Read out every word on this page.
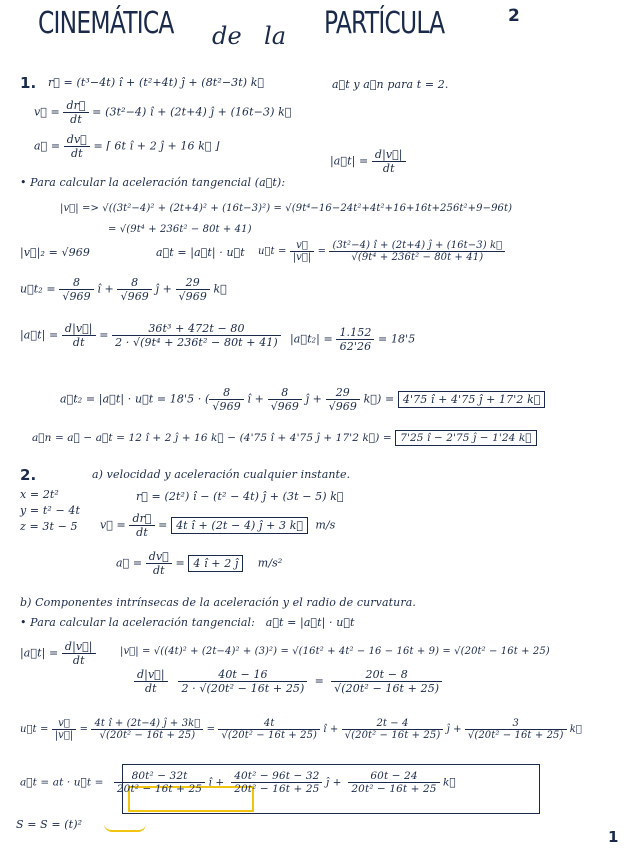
CINEMÁTICA de la PARTÍCULA	2
1. r⃗ = (t³−4t) î + (t²+4t) ĵ + (8t²−3t) k⃗	a⃗t y a⃗n para t = 2.
v⃗ = $\frac{dr⃗}{dt} = (3t^2-4)$ î + (2t+4) ĵ + (16t−3) k⃗
a⃗ = $\frac{dv⃗}{dt}$ = ⌈ 6t î + 2 ĵ + 16 k⃗ ⌋
|a⃗t| = $\frac{d|v⃗|}{dt}$
• Para calcular la aceleración tangencial (a⃗t):
|v⃗| => √((3t²−4)² + (2t+4)² + (16t−3)²) = √(9t⁴−16−24t²+4t²+16+16t+256t²+9−96t)
= √(9t⁴ + 236t² − 80t + 41)
|v⃗|₂ = √969	a⃗t = |a⃗t| · u⃗t u⃗t = $\frac{v⃗}{|v⃗|} = \frac{\text{(3t²−4) î + (2t+4) ĵ + (16t−3) k⃗}}{\text{√(9t⁴ + 236t² − 80t + 41)}}$
u⃗t₂ = $\frac{8}{√969}$ î + $\frac{8}{√969}$ ĵ + $\frac{29}{√969}$ k⃗
|a⃗t| = $\frac{d|v⃗|}{dt} = \frac{\text{36t³ + 472t − 80}}{\text{2 · √(9t⁴ + 236t² − 80t + 41)}}$ |a⃗t₂| = $\frac{1.152}{62'26} = 18'5$
a⃗t₂ = |a⃗t| · u⃗t = 18'5 · ( $\frac{8}{√969}$ î + $\frac{8}{√969}$ ĵ + $\frac{29}{√969}$ k⃗) = 4'75 î + 4'75 ĵ + 17'2 k⃗
a⃗n = a⃗ − a⃗t = 12 î + 2 ĵ + 16 k⃗ − (4'75 î + 4'75 ĵ + 17'2 k⃗) = 7'25 î − 2'75 ĵ − 1'24 k⃗
2.	a) velocidad y aceleración cualquier instante.
x = 2t²
y = t² − 4t
z = 3t − 5
r⃗ = (2t²) î − (t² − 4t) ĵ + (3t − 5) k⃗
v⃗ = $\frac{dr⃗}{dt} = 4t$ î + (2t − 4) ĵ + 3 k⃗ m/s
a⃗ = $\frac{dv⃗}{dt} = 4$ î + 2 ĵ m/s²
b) Componentes intrínsecas de la aceleración y el radio de curvatura.
• Para calcular la aceleración tangencial: a⃗t = |a⃗t| · u⃗t
|a⃗t| = $\frac{d|v⃗|}{dt}$ |v⃗| = √((4t)² + (2t−4)² + (3)²) = √(16t² + 4t² − 16 − 16t + 9) = √(20t² − 16t + 25)
$\frac{d|v⃗|}{dt}$
$\frac{40t - 16}{\text{2 · √(20t² − 16t + 25)}} = \frac{20t - 8}{\text{√(20t² − 16t + 25)}}$
u⃗t = $\frac{v⃗}{|v⃗|} = \frac{\text{4t î + (2t−4) ĵ + 3k⃗}}{\text{√(20t² − 16t + 25)}} = \frac{4t}{\text{√(20t² − 16t + 25)}}$ î + $\frac{2t - 4}{\text{√(20t² − 16t + 25)}}$ ĵ + $\frac{3}{\text{√(20t² − 16t + 25)}}$ k⃗
a⃗t = at · u⃗t = $\frac{\text{80t² − 32t}}{\text{20t² − 16t + 25}}$ î + $\frac{\text{40t² − 96t − 32}}{\text{20t² − 16t + 25}}$ ĵ + $\frac{60t - 24}{\text{20t² − 16t + 25}}$ k⃗
S = S = (t)²
1
